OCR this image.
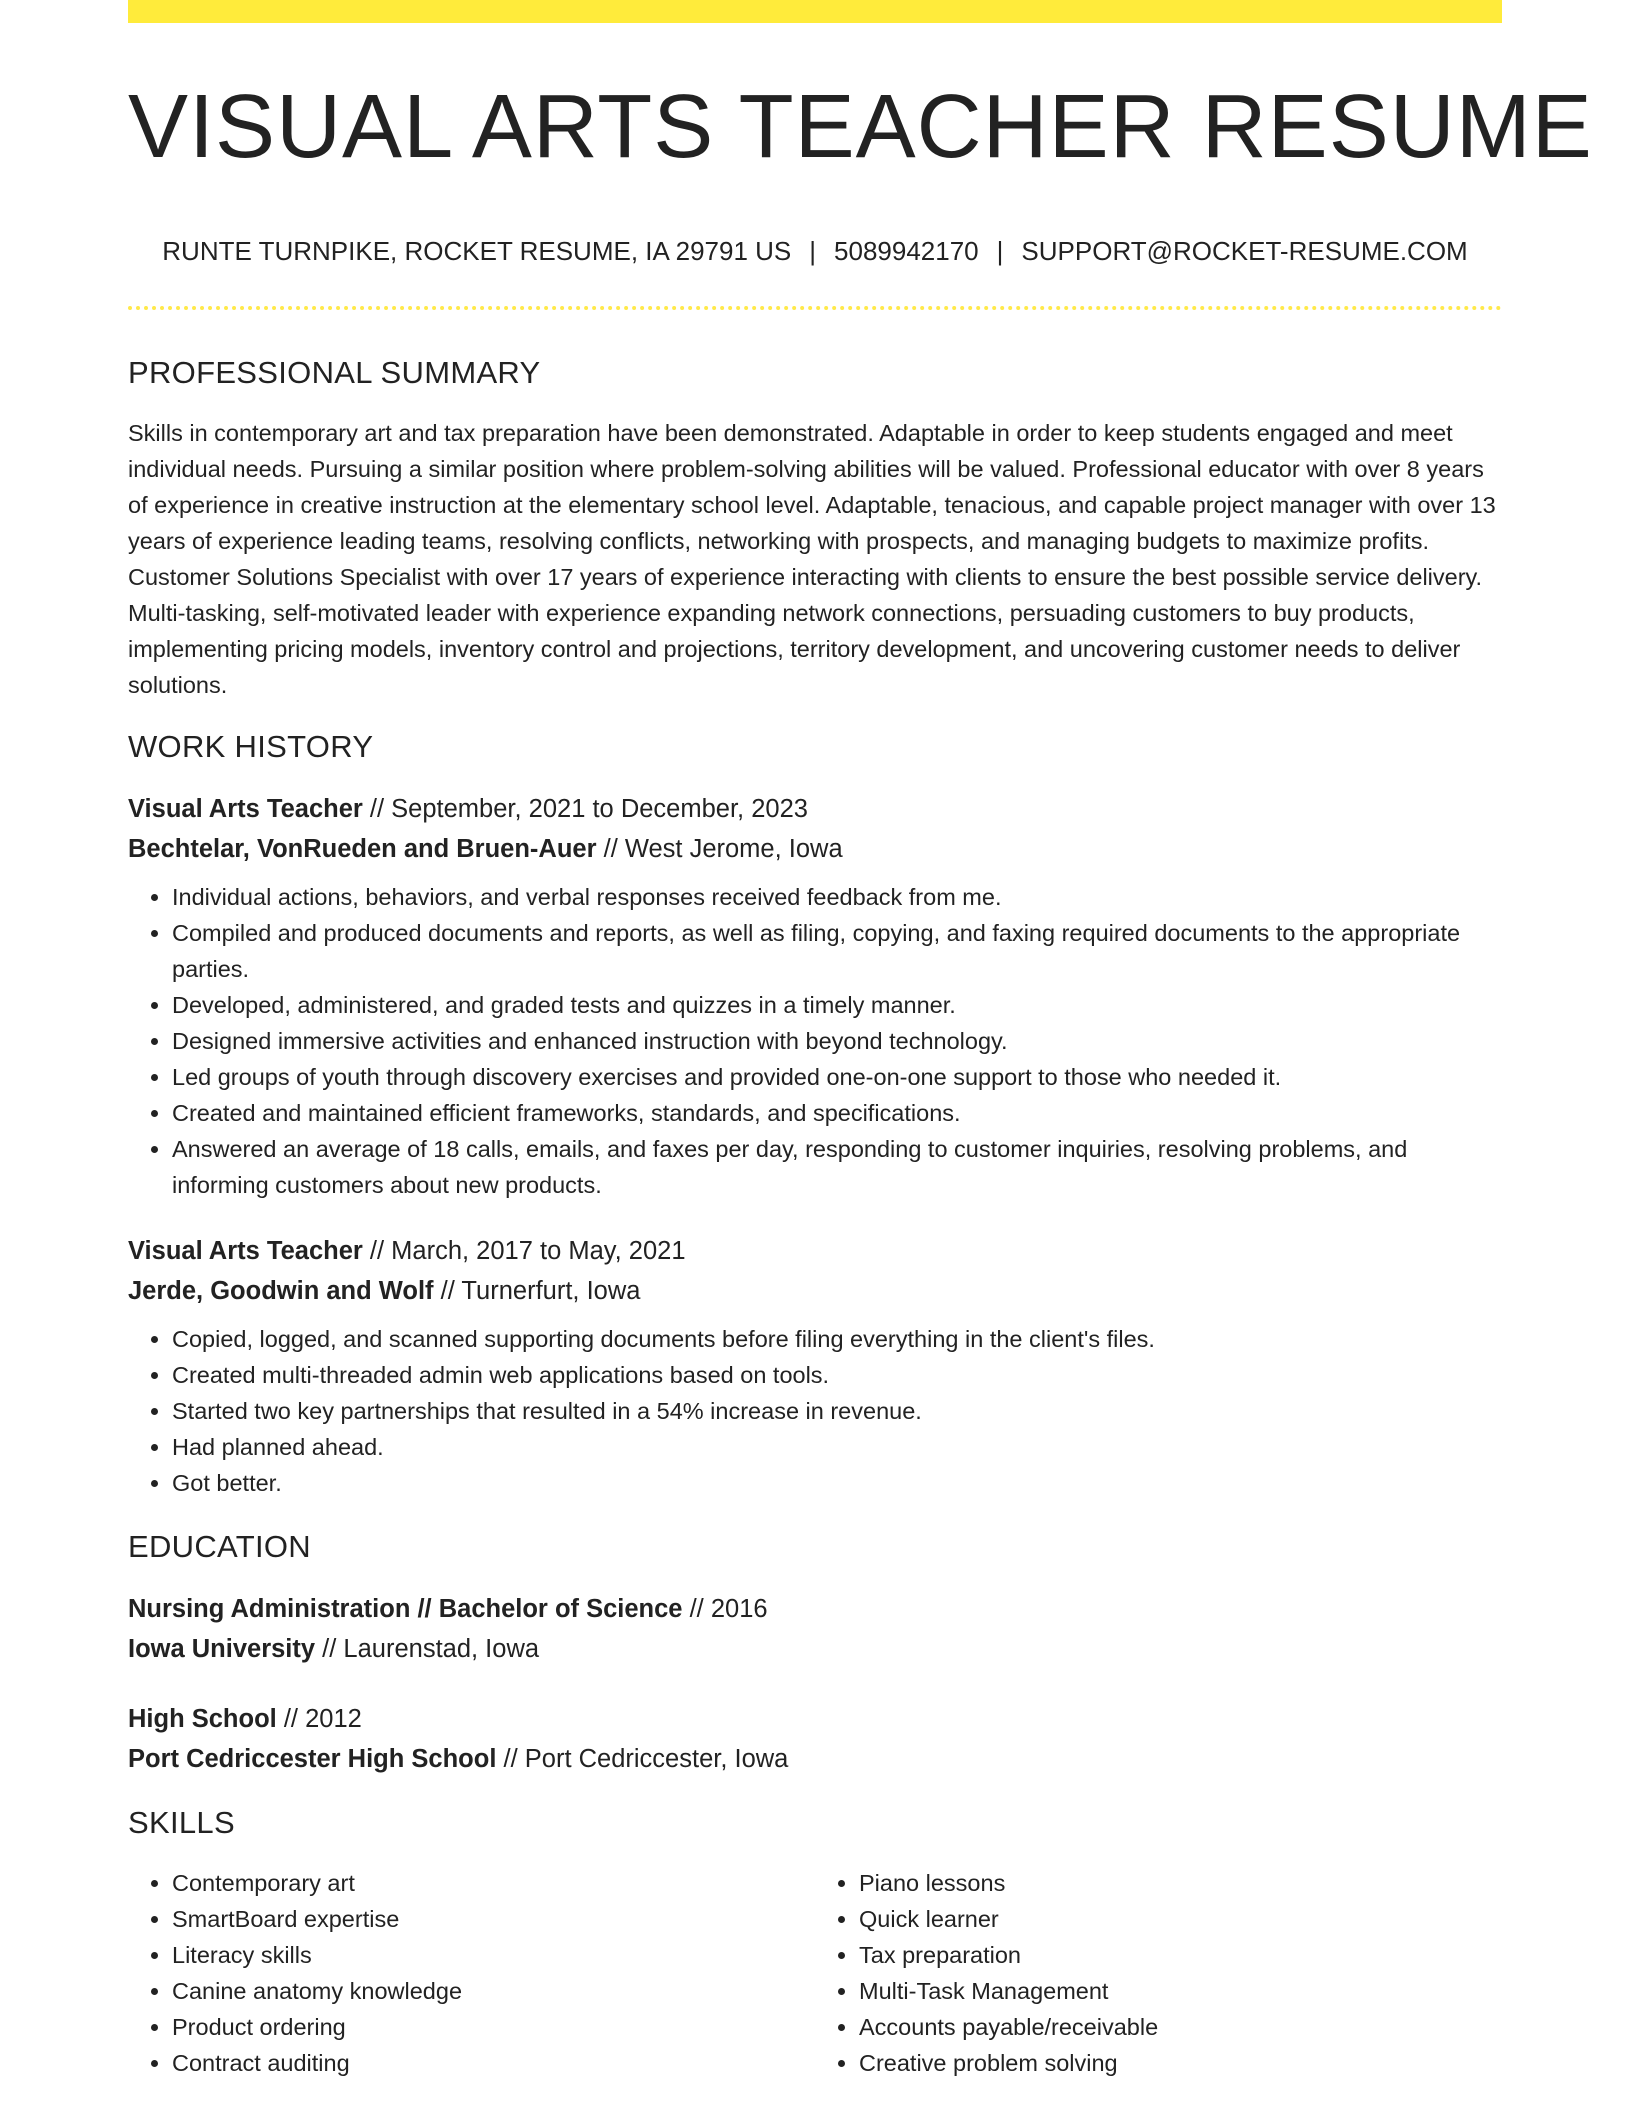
VISUAL ARTS TEACHER RESUME
RUNTE TURNPIKE, ROCKET RESUME, IA 29791 US | 5089942170 | SUPPORT@ROCKET-RESUME.COM
PROFESSIONAL SUMMARY

Skills in contemporary art and tax preparation have been demonstrated. Adaptable in order to keep students engaged and meet individual needs. Pursuing a similar position where problem-solving abilities will be valued. Professional educator with over 8 years of experience in creative instruction at the elementary school level. Adaptable, tenacious, and capable project manager with over 13 years of experience leading teams, resolving conflicts, networking with prospects, and managing budgets to maximize profits. Customer Solutions Specialist with over 17 years of experience interacting with clients to ensure the best possible service delivery. Multi-tasking, self-motivated leader with experience expanding network connections, persuading customers to buy products, implementing pricing models, inventory control and projections, territory development, and uncovering customer needs to deliver solutions.

WORK HISTORY
Visual Arts Teacher // September, 2021 to December, 2023
Bechtelar, VonRueden and Bruen-Auer // West Jerome, Iowa
• Individual actions, behaviors, and verbal responses received feedback from me.
• Compiled and produced documents and reports, as well as filing, copying, and faxing required documents to the appropriate parties.
• Developed, administered, and graded tests and quizzes in a timely manner.
• Designed immersive activities and enhanced instruction with beyond technology.
• Led groups of youth through discovery exercises and provided one-on-one support to those who needed it.
• Created and maintained efficient frameworks, standards, and specifications.
• Answered an average of 18 calls, emails, and faxes per day, responding to customer inquiries, resolving problems, and informing customers about new products.
Visual Arts Teacher // March, 2017 to May, 2021
Jerde, Goodwin and Wolf // Turnerfurt, Iowa
• Copied, logged, and scanned supporting documents before filing everything in the client's files.
• Created multi-threaded admin web applications based on tools.
• Started two key partnerships that resulted in a 54% increase in revenue.
• Had planned ahead.
• Got better.
EDUCATION
Nursing Administration // Bachelor of Science // 2016
Iowa University // Laurenstad, Iowa
High School // 2012
Port Cedriccester High School // Port Cedriccester, Iowa
SKILLS
• Contemporary art
• SmartBoard expertise
• Literacy skills
• Canine anatomy knowledge
• Product ordering
• Contract auditing
• Piano lessons
• Quick learner
• Tax preparation
• Multi-Task Management
• Accounts payable/receivable
• Creative problem solving
